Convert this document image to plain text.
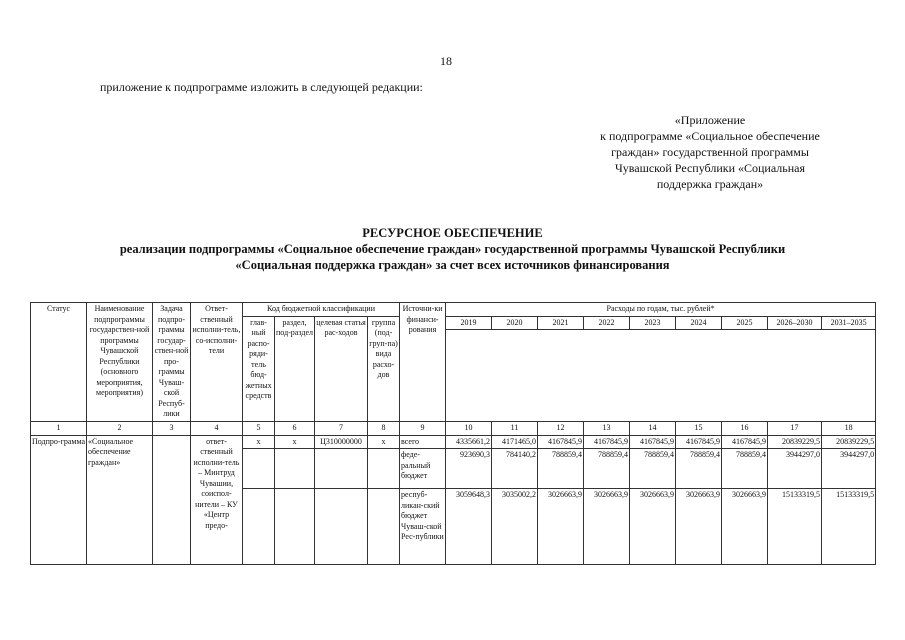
18
приложение к подпрограмме изложить в следующей редакции:
«Приложение
к подпрограмме «Социальное обеспечение
граждан» государственной программы
Чувашской Республики «Социальная
поддержка граждан»
РЕСУРСНОЕ ОБЕСПЕЧЕНИЕ
реализации подпрограммы «Социальное обеспечение граждан» государственной программы Чувашской Республики
«Социальная поддержка граждан» за счет всех источников финансирования
Статус	Наименование подпрограммы государствен-ной программы Чувашской Республики (основного мероприятия, мероприятия)	Задача подпро-граммы государ-ствен-ной про-граммы Чуваш-ской Респуб-лики	Ответ-ственный исполни-тель, со-исполни-тели	Код бюджетной классификации				Источни-ки финанси-рования	Расходы по годам, тыс. рублей*								
				глав-ный распо-ряди-тель бюд-жетных средств	раздел, под-раздел	целевая статья рас-ходов	группа (под-груп-па) вида расхо-дов		2019	2020	2021	2022	2023	2024	2025	2026–2030	2031–2035

1	2	3	4	5	6	7	8	9	10	11	12	13	14	15	16	17	18
Подпро-грамма	«Социальное обеспечение граждан»		ответ-ственный исполни-тель – Минтруд Чувашии, соиспол-нители – КУ «Центр предо-	x	x	Ц310000000	x	всего	4335661,2	4171465,0	4167845,9	4167845,9	4167845,9	4167845,9	4167845,9	20839229,5	20839229,5
								феде-ральный бюджет	923690,3	784140,2	788859,4	788859,4	788859,4	788859,4	788859,4	3944297,0	3944297,0
								респуб-ликан-ский бюджет Чуваш-ской Рес-публики	3059648,3	3035002,2	3026663,9	3026663,9	3026663,9	3026663,9	3026663,9	15133319,5	15133319,5
